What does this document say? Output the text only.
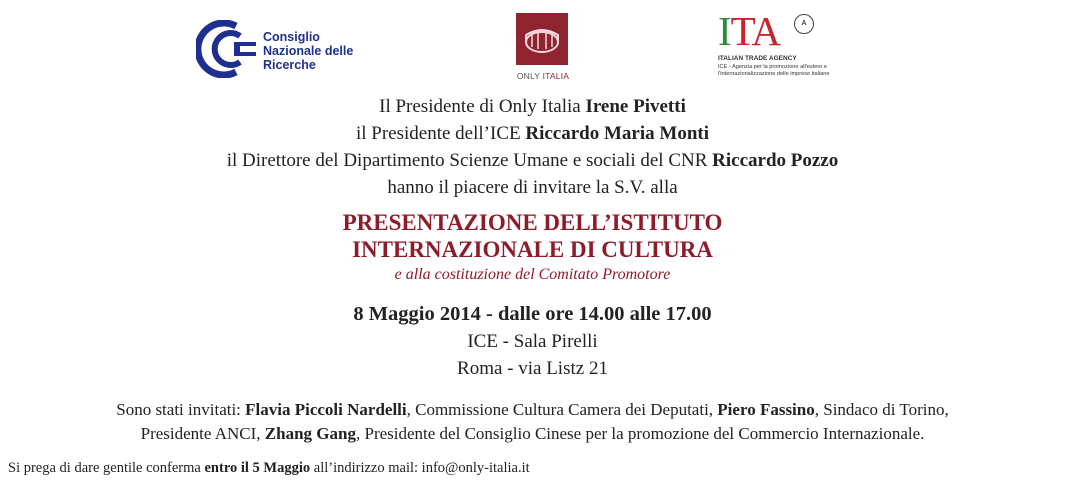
Consiglio
Nazionale delle
Ricerche
ONLY ITALIA
ITA	A
ITALIAN TRADE AGENCY
ICE - Agenzia per la promozione all'estero e
l'internazionalizzazione delle imprese italiane
Il Presidente di Only Italia Irene Pivetti
il Presidente dell’ICE Riccardo Maria Monti
il Direttore del Dipartimento Scienze Umane e sociali del CNR Riccardo Pozzo
hanno il piacere di invitare la S.V. alla
PRESENTAZIONE DELL’ISTITUTO
INTERNAZIONALE DI CULTURA
e alla costituzione del Comitato Promotore
8 Maggio 2014 - dalle ore 14.00 alle 17.00
ICE - Sala Pirelli
Roma - via Listz 21
Sono stati invitati: Flavia Piccoli Nardelli, Commissione Cultura Camera dei Deputati, Piero Fassino, Sindaco di Torino,
Presidente ANCI, Zhang Gang, Presidente del Consiglio Cinese per la promozione del Commercio Internazionale.
Si prega di dare gentile conferma entro il 5 Maggio all’indirizzo mail: info@only-italia.it
